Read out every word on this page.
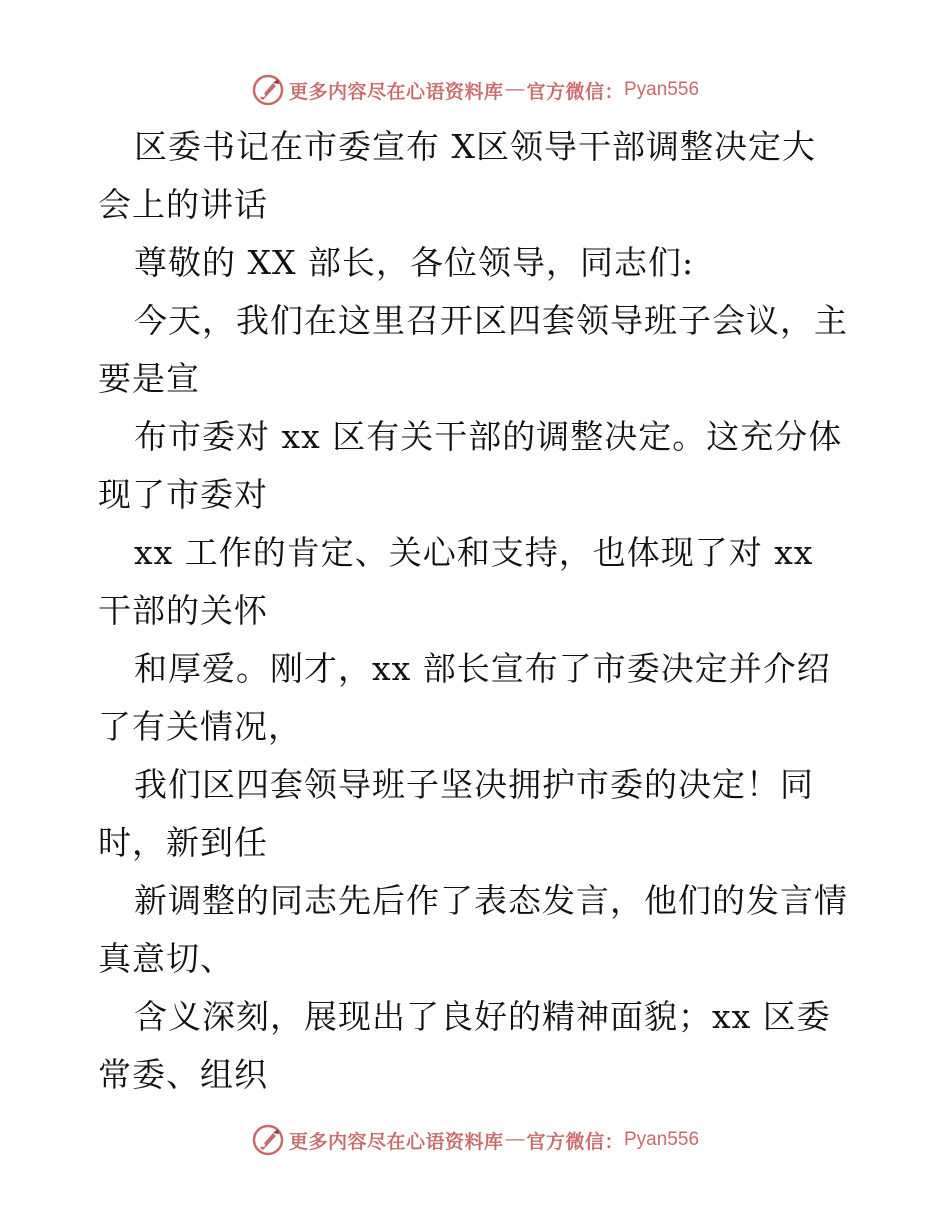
更多内容尽在心语资料库 — 官方微信： Pyan556
区委书记在市委宣布 X区领导干部调整决定大
会上的讲话
尊敬的 XX 部长，各位领导，同志们:
今天，我们在这里召开区四套领导班子会议，主
要是宣
布市委对 xx 区有关干部的调整决定。这充分体
现了市委对
xx 工作的肯定、关心和支持，也体现了对 xx
干部的关怀
和厚爱。刚才，xx 部长宣布了市委决定并介绍
了有关情况，
我们区四套领导班子坚决拥护市委的决定！同
时，新到任
新调整的同志先后作了表态发言，他们的发言情
真意切、
含义深刻，展现出了良好的精神面貌；xx 区委
常委、组织
更多内容尽在心语资料库 — 官方微信： Pyan556
